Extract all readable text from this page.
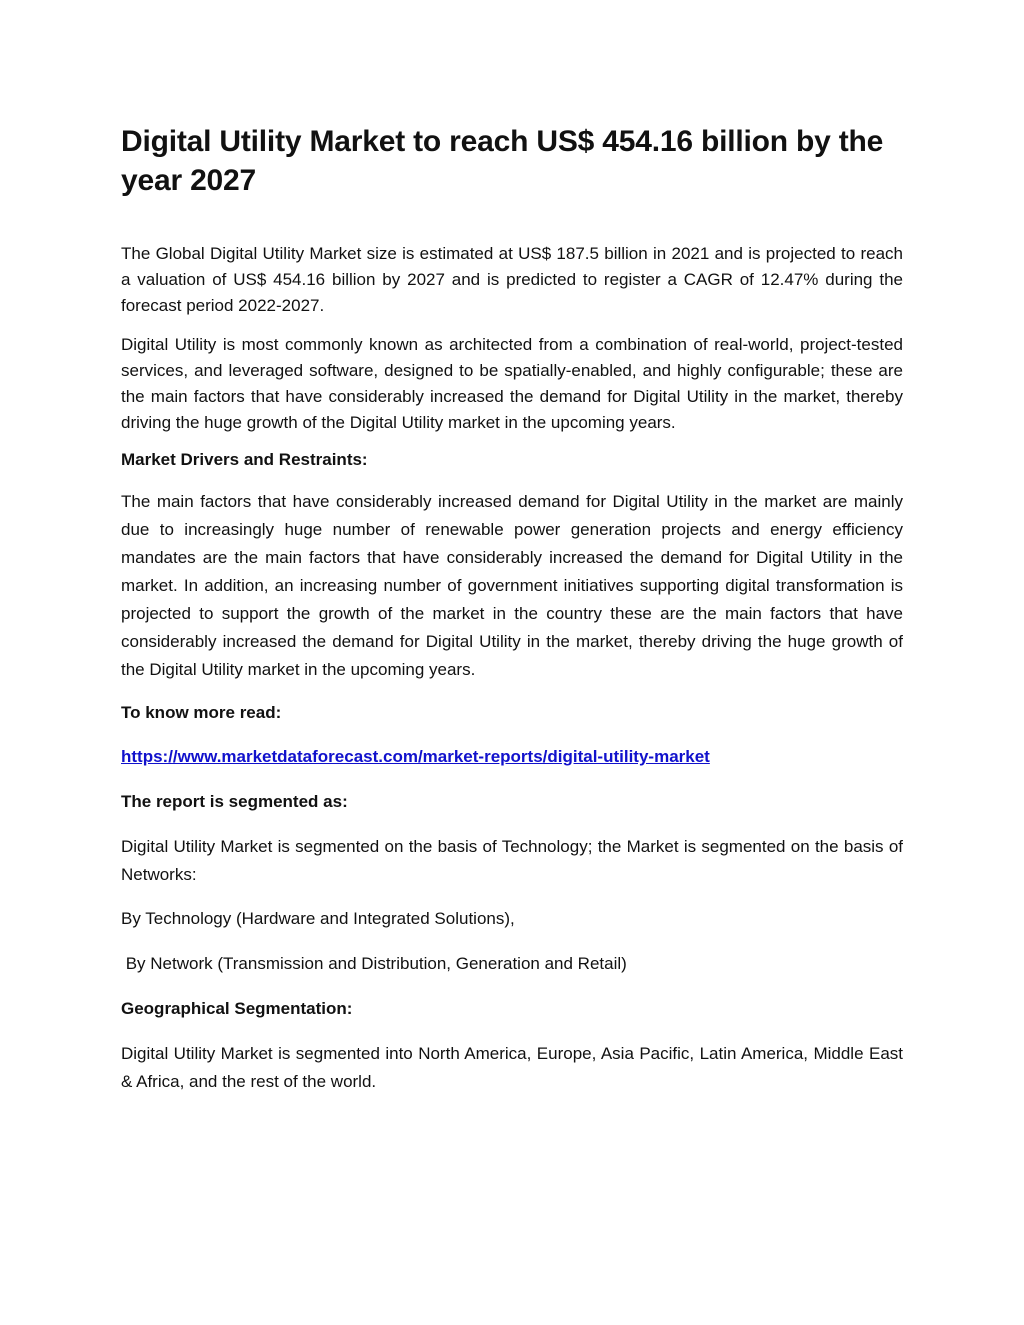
Digital Utility Market to reach US$ 454.16 billion by the year 2027

The Global Digital Utility Market size is estimated at US$ 187.5 billion in 2021 and is projected to reach a valuation of US$ 454.16 billion by 2027 and is predicted to register a CAGR of 12.47% during the forecast period 2022-2027.

Digital Utility is most commonly known as architected from a combination of real-world, project-tested services, and leveraged software, designed to be spatially-enabled, and highly configurable; these are the main factors that have considerably increased the demand for Digital Utility in the market, thereby driving the huge growth of the Digital Utility market in the upcoming years.

Market Drivers and Restraints:

The main factors that have considerably increased demand for Digital Utility in the market are mainly due to increasingly huge number of renewable power generation projects and energy efficiency mandates are the main factors that have considerably increased the demand for Digital Utility in the market. In addition, an increasing number of government initiatives supporting digital transformation is projected to support the growth of the market in the country these are the main factors that have considerably increased the demand for Digital Utility in the market, thereby driving the huge growth of the Digital Utility market in the upcoming years.

To know more read:

https://www.marketdataforecast.com/market-reports/digital-utility-market

The report is segmented as:

Digital Utility Market is segmented on the basis of Technology; the Market is segmented on the basis of Networks:

By Technology (Hardware and Integrated Solutions),

By Network (Transmission and Distribution, Generation and Retail)

Geographical Segmentation:

Digital Utility Market is segmented into North America, Europe, Asia Pacific, Latin America, Middle East & Africa, and the rest of the world.
